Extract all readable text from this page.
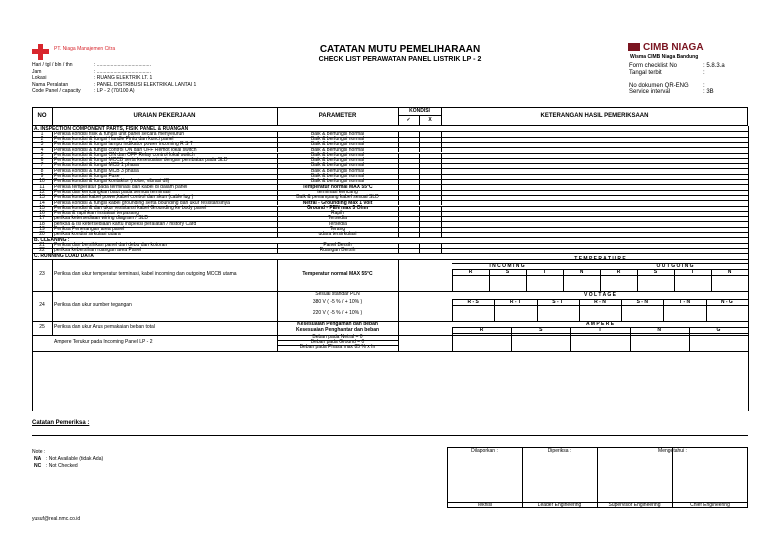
PT. Niaga Manajemen Citra	CATATAN MUTU PEMELIHARAAN
CHECK LIST PERAWATAN PANEL LISTRIK LP - 2
CIMB NIAGA
Wisma CIMB Niaga Bandung
Hari / tgl / bln / thn	: .......................................
Jam	: .......................................
Lokasi	: RUANG ELEKTRIK LT. 1
Nama Peralatan	: PANEL DISTRIBUSI ELEKTRIKAL LANTAI 1
Code Panel / capacity	: LP - 2 (70/100 A)
Form checklist No	: 5.8.3.a
Tangal terbit	:
No dokumen QR-ENG :
Service interval	: 3B
NO	URAIAN PEKERJAAN	PARAMETER
KONDISI
✓	X
KETERANGAN HASIL PEMERIKSAAN
A. INSPECTION COMPONENT PARTS, FISIK PANEL & RUANGAN
1	Periksa kondisi fisik & fungsi unit panel secara menyeluruh	Baik & berfungsi normal
2	Periksa kondisi & fungsi Handle Pintu dan kunci panel	Baik & berfungsi normal
3	Periksa kondisi & fungsi lampu indikator power incoming R S T	Baik & berfungsi normal
4	Periksa kondisi & fungsi control ON dan OFF Remot lokal switch	Baik & berfungsi normal
5	Periksa kondisi & fungsi ON dan OFF Relay control lokal switch	Baik & berfungsi normal
6	Periksa kondisi & fungsi MCCB serta kesesuaian dengan pembatas pada SLD	Baik & berfungsi normal
7	Periksa kondisi & fungsi MCB 1 phasa	Baik & berfungsi normal
8	Periksa kondisi & fungsi MCB 3 phasa	Baik & berfungsi normal
9	Periksa kondisi & fungsi Fuse	Baik & berfungsi normal
10	Periksa kondisi & fungsi kontaktor (noise, vibrasi dll)	Baik & berfungsi normal
11	Periksa temperatur pada terminasi dan kabel di dalam panel	Temperatur normal MAX 55°C
12	Periksa dan kencangkan baut pada semua terminasi	terminasi kencang
13	Periksa kondisi kabel power,kabel control dan skun (cable lug )	Baik & penampang kabel sesuai SLD
14	Periksa kondisi & fungsi kabel grounding serta bounding dan ukur resistansinya	Netral - Grounding Max 1 volt
15	Periksa kondisi & dan ukur resistansi kabel Grounding ke body panel	Ground - PEN max 5 Ohm
16	Periksa & rapihkan instalasi terpasang	Rapih
17	periksa ketersediaan wiring diagram / SLD	Tersedia
18	periksa & isi ketersediaan kartu inspeksi peralatan / history Card	Tersedia
19	Periksa Penerangan area panel	Terang
20	periksa kondisi sirkulasi udara	udara tersirkulasi
B. CLEANING :
21	Periksa dan bersihkan panel dari debu dan kotoran	Panel Bersih
22	periksa kebersihan ruangan area Panel	Ruangan Bersih
C. RUNNING LOAD DATA
23	Periksa dan ukur temperatur terminasi, kabel incoming dan outgoing MCCB utama	Temperatur normal MAX 55°C
T E M P E R A T U R E
I N C O M I N G	O U T G O I N G
R	S	T	N	R	S	T	N
24	Periksa dan ukur sumber tegangan
Sesuai standar PLN
380 V ( -5 % / + 10% )
220 V ( -5 % / + 10% )
V O L T A G E
R - S	R - T	S - T	R - N	S - N	T - N	N - G
25	Periksa dan ukur Arus pemakaian beban total	Kesesuaian Pengaman dan beban
Kesesuaian Penghantar dan beban
A M P E R E
R	S	T	N	G
Ampere Terukur pada Incoming Panel LP - 2
Beban pada Netral = 0
Beban pada Ground = 0
Beban pada Phasa max 85 % x In
Catatan Pemeriksa :
Note :
NA : Not Available (tidak Ada)
NC : Not Checked
yusuf@real.nmc.co.id
Dilaporkan :	Diperiksa :	Mengetahui :
Teknisi	Leader Engineering	Supervisor Engineering	Chief Engineering
